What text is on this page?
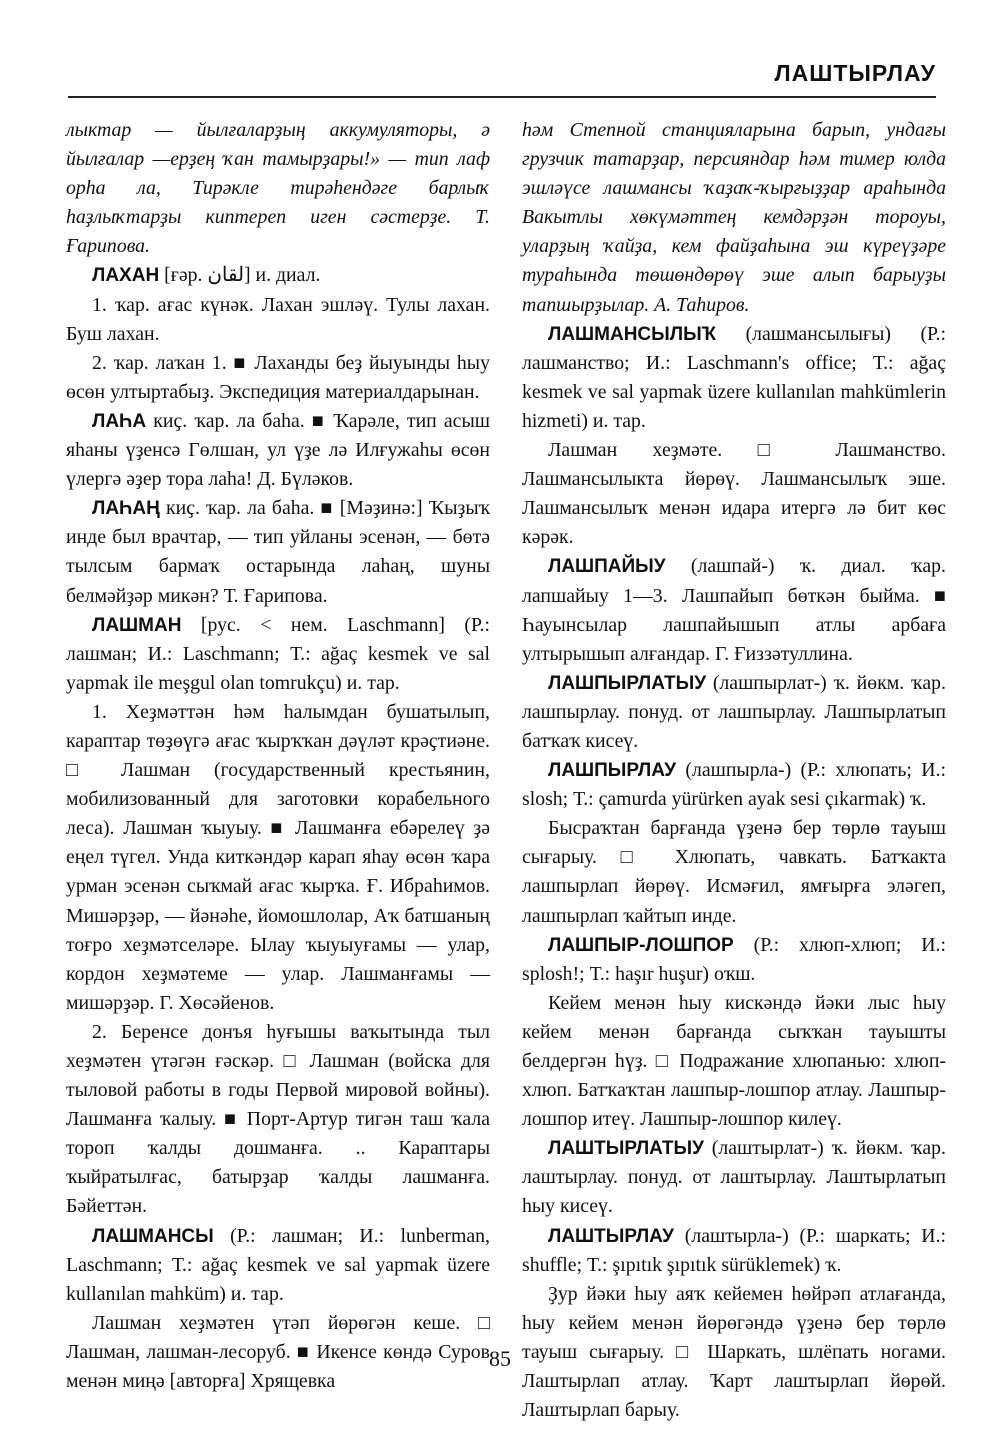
ЛАШТЫРЛАУ

лыктар — йылғаларҙың аккумуляторы, ә йылғалар —ерҙең ҡан тамырҙары!» — тип лаф орһа ла, Тирәкле тирәһендәге барлыҡ һаҙлыҡтарҙы киптереп иген сәстерҙе. Т. Ғарипова.

ЛАХАН [ғәр. لقان] и. диал.

1. ҡар. ағас күнәк. Лахан эшләү. Тулы лахан. Буш лахан.

2. ҡар. лаҡан 1. ■ Лаханды беҙ йыуынды һыу өсөн ултыртабыҙ. Экспедиция материалдарынан.

ЛАҺА киҫ. ҡар. ла баһа. ■ Ҡарәле, тип асыш яһаны үҙенсә Гөлшан, ул үҙе лә Илғужаһы өсөн үлергә әҙер тора лаһа! Д. Бүләков.

ЛАҺАҢ киҫ. ҡар. ла баһа. ■ [Мәҙинә:] Ҡыҙыҡ инде был врачтар, — тип уйланы эсенән, — бөтә тылсым бармаҡ остарында лаһаң, шуны белмәйҙәр микән? Т. Ғарипова.

ЛАШМАН [рус. < нем. Laschmann] (Р.: лашман; И.: Laschmann; Т.: ağaç kesmek ve sal yapmak ile meşgul olan tomrukçu) и. тар.

1. Хеҙмәттән һәм һалымдан бушатылып, караптар төҙөүгә ағас ҡырҡҡан дәүләт крәҫтиәне. □ Лашман (государственный крестьянин, мобилизованный для заготовки корабельного леса). Лашман ҡыуыу. ■ Лашманға ебәрелеү ҙә еңел түгел. Унда киткәндәр карап яһау өсөн ҡара урман эсенән сыҡмай ағас ҡырҡа. Ғ. Ибраһимов. Мишәрҙәр, — йәнәһе, йомошлолар, Аҡ батшаның тоғро хеҙмәтселәре. Ылау ҡыуыуғамы — улар, кордон хеҙмәтеме — улар. Лашманғамы — мишәрҙәр. Г. Хөсәйенов.

2. Беренсе донъя һуғышы ваҡытында тыл хеҙмәтен үтәгән ғәскәр. □ Лашман (войска для тыловой работы в годы Первой мировой войны). Лашманға ҡалыу. ■ Порт-Артур тигән таш ҡала тороп ҡалды дошманға. .. Караптары ҡыйратылғас, батырҙар ҡалды лашманға. Бәйеттән.

ЛАШМАНСЫ (Р.: лашман; И.: lunberman, Laschmann; Т.: ağaç kesmek ve sal yapmak üzere kullanılan mahküm) и. тар.

Лашман хеҙмәтен үтәп йөрөгән кеше. □ Лашман, лашман-лесоруб. ■ Икенсе көндә Суров менән миңә [авторға] Хрящевка

һәм Степной станцияларына барып, ундағы грузчик татарҙар, персияндар һәм тимер юлда эшләүсе лашмансы ҡаҙаҡ-ҡырғыҙҙар араһында Вакытлы хөкүмәттең кемдәрҙән тороуы, уларҙың ҡайҙа, кем файҙаһына эш күреүҙәре тураһында төшөндөрөү эше алып барыуҙы тапшырҙылар. А. Таһиров.

ЛАШМАНСЫЛЫҠ (лашмансылығы) (Р.: лашманство; И.: Laschmann's office; Т.: ağaç kesmek ve sal yapmak üzere kullanılan mahkümlerin hizmeti) и. тар.

Лашман хеҙмәте. □ Лашманство. Лашмансылыкта йөрөү. Лашмансылыҡ эше. Лашмансылыҡ менән идара итергә лә бит көс кәрәк.

ЛАШПАЙЫУ (лашпай-) ҡ. диал. ҡар. лапшайыу 1—3. Лашпайып бөткән быйма. ■ Һауынсылар лашпайышып атлы арбаға ултырышып алғандар. Г. Ғиззәтуллина.

ЛАШПЫРЛАТЫУ (лашпырлат-) ҡ. йөкм. ҡар. лашпырлау. понуд. от лашпырлау. Лашпырлатып батҡаҡ кисеү.

ЛАШПЫРЛАУ (лашпырла-) (Р.: хлюпать; И.: slosh; Т.: çamurda yürürken ayak sesi çıkarmak) ҡ.

Бысраҡтан барғанда үҙенә бер төрлө тауыш сығарыу. □ Хлюпать, чавкать. Батҡакта лашпырлап йөрөү. Исмәғил, ямғырға эләгеп, лашпырлап ҡайтып инде.

ЛАШПЫР-ЛОШПОР (Р.: хлюп-хлюп; И.: splosh!; Т.: haşır huşur) оҡш.

Кейем менән һыу кискәндә йәки лыс һыу кейем менән барғанда сыҡҡан тауышты белдергән һүҙ. □ Подражание хлюпанью: хлюп-хлюп. Батҡаҡтан лашпыр-лошпор атлау. Лашпыр-лошпор итеү. Лашпыр-лошпор килеү.

ЛАШТЫРЛАТЫУ (лаштырлат-) ҡ. йөкм. ҡар. лаштырлау. понуд. от лаштырлау. Лаштырлатып һыу кисеү.

ЛАШТЫРЛАУ (лаштырла-) (Р.: шаркать; И.: shuffle; Т.: şıpıtık şıpıtık sürüklemek) ҡ.

Ҙур йәки һыу аяҡ кейемен һөйрәп атлағанда, һыу кейем менән йөрөгәндә үҙенә бер төрлө тауыш сығарыу. □ Шаркать, шлёпать ногами. Лаштырлап атлау. Ҡарт лаштырлап йөрөй. Лаштырлап барыу.

85
